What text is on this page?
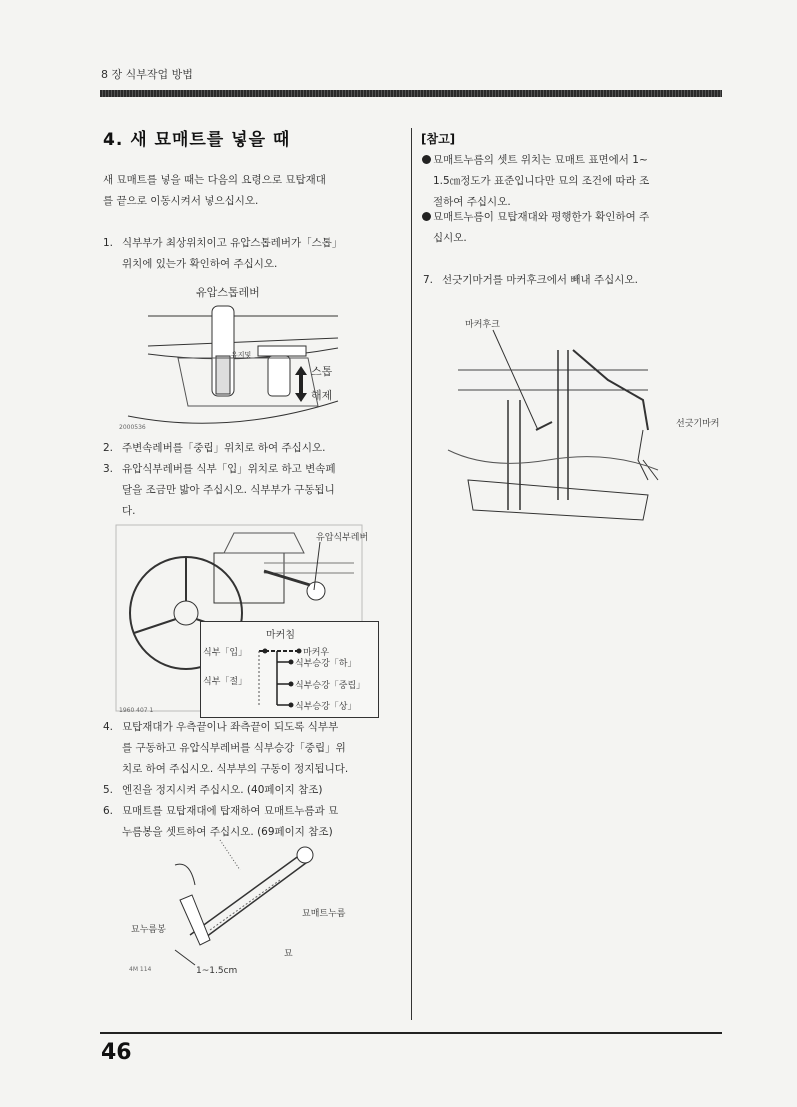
8 장 식부작업 방법
4. 새 묘매트를 넣을 때
새 묘매트를 넣을 때는 다음의 요령으로 묘탑재대
를 끝으로 이동시켜서 넣으십시오.
1. 식부부가 최상위치이고 유압스톱레버가「스톱」
위치에 있는가 확인하여 주십시오.
유압스톱레버
유지및
스톱
해제
2000536
2. 주변속레버를「중립」위치로 하여 주십시오.
3. 유압식부레버를 식부「입」위치로 하고 변속페
달을 조금만 밟아 주십시오. 식부부가 구동됩니
다.
유압식부레버
마커침
식부「입」
식부「절」
마커우
식부승강「하」
식부승강「중립」
식부승강「상」
1960 407 1
4. 묘탑재대가 우측끝이나 좌측끝이 되도록 식부부
를 구동하고 유압식부레버를 식부승강「중립」위
치로 하여 주십시오. 식부부의 구동이 정지됩니다.
5. 엔진을 정지시켜 주십시오. (40페이지 참조)
6. 묘매트를 묘탑재대에 탑재하여 묘매트누름과 묘
누름봉을 셋트하여 주십시오. (69페이지 참조)
묘매트누름
묘누름봉
묘
1~1.5cm
4M 114
[참고]
묘매트누름의 셋트 위치는 묘매트 표면에서 1~
1.5㎝정도가 표준입니다만 묘의 조건에 따라 조
절하여 주십시오.
묘매트누름이 묘탑재대와 평행한가 확인하여 주
십시오.
7. 선긋기마거를 마커후크에서 빼내 주십시오.
마커후크
선긋기마커
46
